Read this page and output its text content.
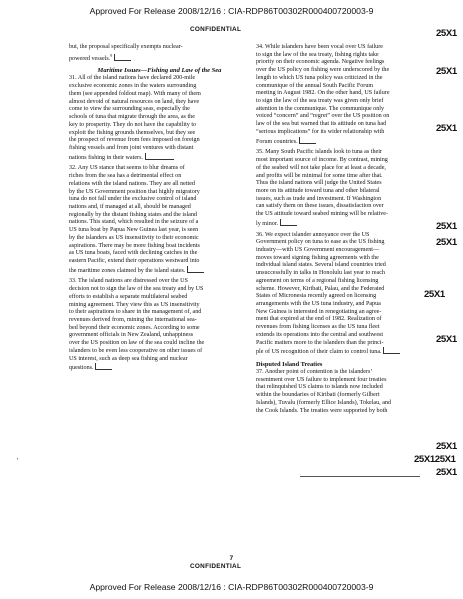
Approved For Release 2008/12/16 : CIA-RDP86T00302R000400720003-9
CONFIDENTIAL

but, the proposal specifically exempts nuclear-
powered vessels.$^9$

Maritime Issues—Fishing and Law of the Sea

31. All of the island nations have declared 200-mile
exclusive economic zones in the waters surrounding
them (see appended foldout map). With many of them
almost devoid of natural resources on land, they have
come to view the surrounding seas, especially the
schools of tuna that migrate through the area, as the
key to prosperity. They do not have the capability to
exploit the fishing grounds themselves, but they see
the prospect of revenue from fees imposed on foreign
fishing vessels and from joint ventures with distant
nations fishing in their waters.

32. Any US stance that seems to blur dreams of
riches from the sea has a detrimental effect on
relations with the island nations. They are all netted
by the US Government position that highly migratory
tuna do not fall under the exclusive control of island
nations and, if managed at all, should be managed
regionally by the distant fishing states and the island
nations. This stand, which resulted in the seizure of a
US tuna boat by Papua New Guinea last year, is seen
by the islanders as US insensitivity to their economic
aspirations. There may be more fishing boat incidents
as US tuna boats, faced with declining catches in the
eastern Pacific, extend their operations westward into
the maritime zones claimed by the island states.

33. The island nations are distressed over the US
decision not to sign the law of the sea treaty and by US
efforts to establish a separate multilateral seabed
mining agreement. They view this as US insensitivity
to their aspirations to share in the management of, and
revenues derived from, mining the international sea-
bed beyond their economic zones. According to some
government officials in New Zealand, unhappiness
over the US position on law of the sea could incline the
islanders to be even less cooperative on other issues of
US interest, such as deep sea fishing and nuclear
questions.

34. While islanders have been vocal over US failure
to sign the law of the sea treaty, fishing rights take
priority on their economic agenda. Negative feelings
over the US policy on fishing were underscored by the
length to which US tuna policy was criticized in the
communique of the annual South Pacific Forum
meeting in August 1982. On the other hand, US failure
to sign the law of the sea treaty was given only brief
attention in the communique. The communique only
voiced “concern” and “regret” over the US position on
law of the sea but warned that its attitude on tuna had
“serious implications” for its wider relationship with
Forum countries.

35. Many South Pacific islands look to tuna as their
most important source of income. By contrast, mining
of the seabed will not take place for at least a decade,
and profits will be minimal for some time after that.
Thus the island nations will judge the United States
more on its attitude toward tuna and other bilateral
issues, such as trade and investment. If Washington
can satisfy them on these issues, dissatisfaction over
the US attitude toward seabed mining will be relative-
ly minor.

36. We expect islander annoyance over the US
Government policy on tuna to ease as the US fishing
industry—with US Government encouragement—
moves toward signing fishing agreements with the
individual island states. Several island countries tried
unsuccessfully in talks in Honolulu last year to reach
agreement on terms of a regional fishing licensing
scheme. However, Kiribati, Palau, and the Federated
States of Micronesia recently agreed on licensing
arrangements with the US tuna industry, and Papua
New Guinea is interested in renegotiating an agree-
ment that expired at the end of 1982. Realization of
revenues from fishing licenses as the US tuna fleet
extends its operations into the central and southwest
Pacific matters more to the islanders than the princi-
ple of US recognition of their claim to control tuna.

Disputed Island Treaties

37. Another point of contention is the islanders’
resentment over US failure to implement four treaties
that relinquished US claims to islands now included
within the boundaries of Kiribati (formerly Gilbert
Islands), Tuvalu (formerly Ellice Islands), Tokelau, and
the Cook Islands. The treaties were supported by both

25X1
25X1
25X1
25X1
25X1
25X1
25X1
25X1
25X125X1
25X1
'
7
CONFIDENTIAL
Approved For Release 2008/12/16 : CIA-RDP86T00302R000400720003-9
